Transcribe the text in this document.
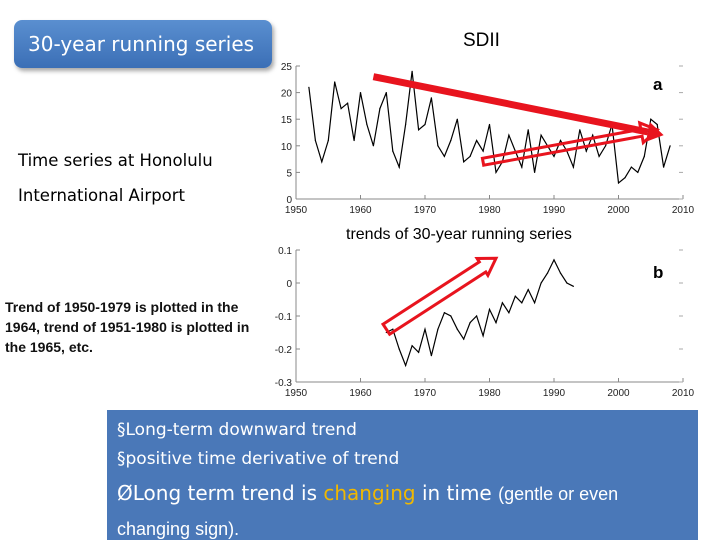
30-year running series	SDII
Time series at Honolulu
International Airport
trends of 30-year running series
Trend of 1950-1979 is plotted in the 1964, trend of 1951-1980 is plotted in the 1965, etc.
1950	1960	1970	1980	1990	2000	2010
0
5
10
15
20
25
a
1950	1960	1970	1980	1990	2000	2010
0.1
0
-0.1
-0.2
-0.3
b
§Long-term downward trend
§positive time derivative of trend
ØLong term trend is changing in time (gentle or even changing sign).
